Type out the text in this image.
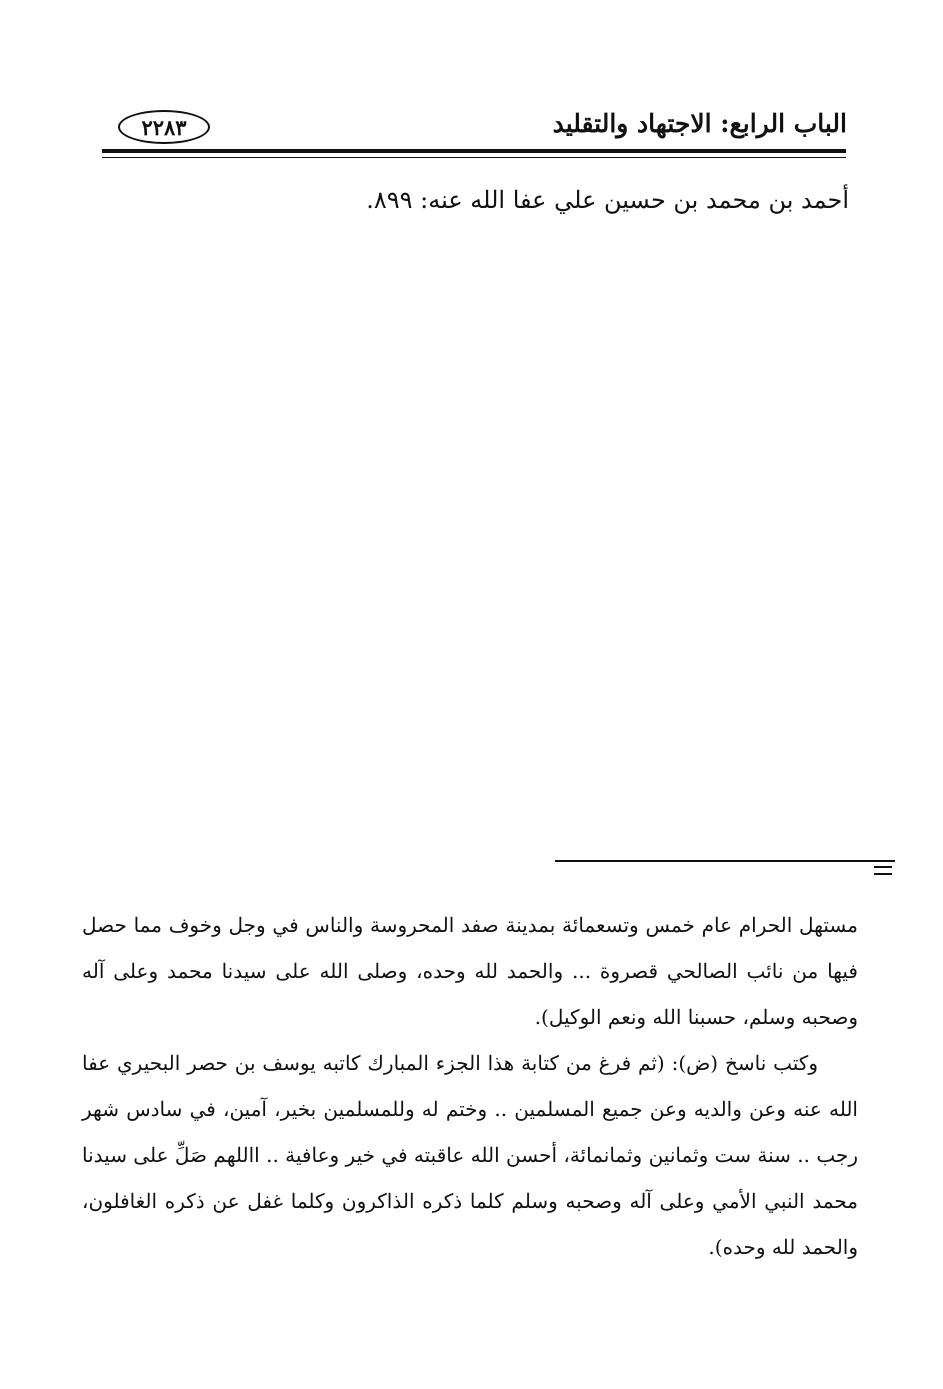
الباب الرابع: الاجتهاد والتقليد
٢٢٨٣
أحمد بن محمد بن حسين علي عفا الله عنه: ٨٩٩.

مستهل الحرام عام خمس وتسعمائة بمدينة صفد المحروسة والناس في وجل وخوف مما حصل فيها من نائب الصالحي قصروة ... والحمد لله وحده، وصلى الله على سيدنا محمد وعلى آله وصحبه وسلم، حسبنا الله ونعم الوكيل).

وكتب ناسخ (ض): (ثم فرغ من كتابة هذا الجزء المبارك كاتبه يوسف بن حصر البحيري عفا الله عنه وعن والديه وعن جميع المسلمين .. وختم له وللمسلمين بخير، آمين، في سادس شهر رجب .. سنة ست وثمانين وثمانمائة، أحسن الله عاقبته في خير وعافية .. االلهم صَلِّ على سيدنا محمد النبي الأمي وعلى آله وصحبه وسلم كلما ذكره الذاكرون وكلما غفل عن ذكره الغافلون، والحمد لله وحده).
